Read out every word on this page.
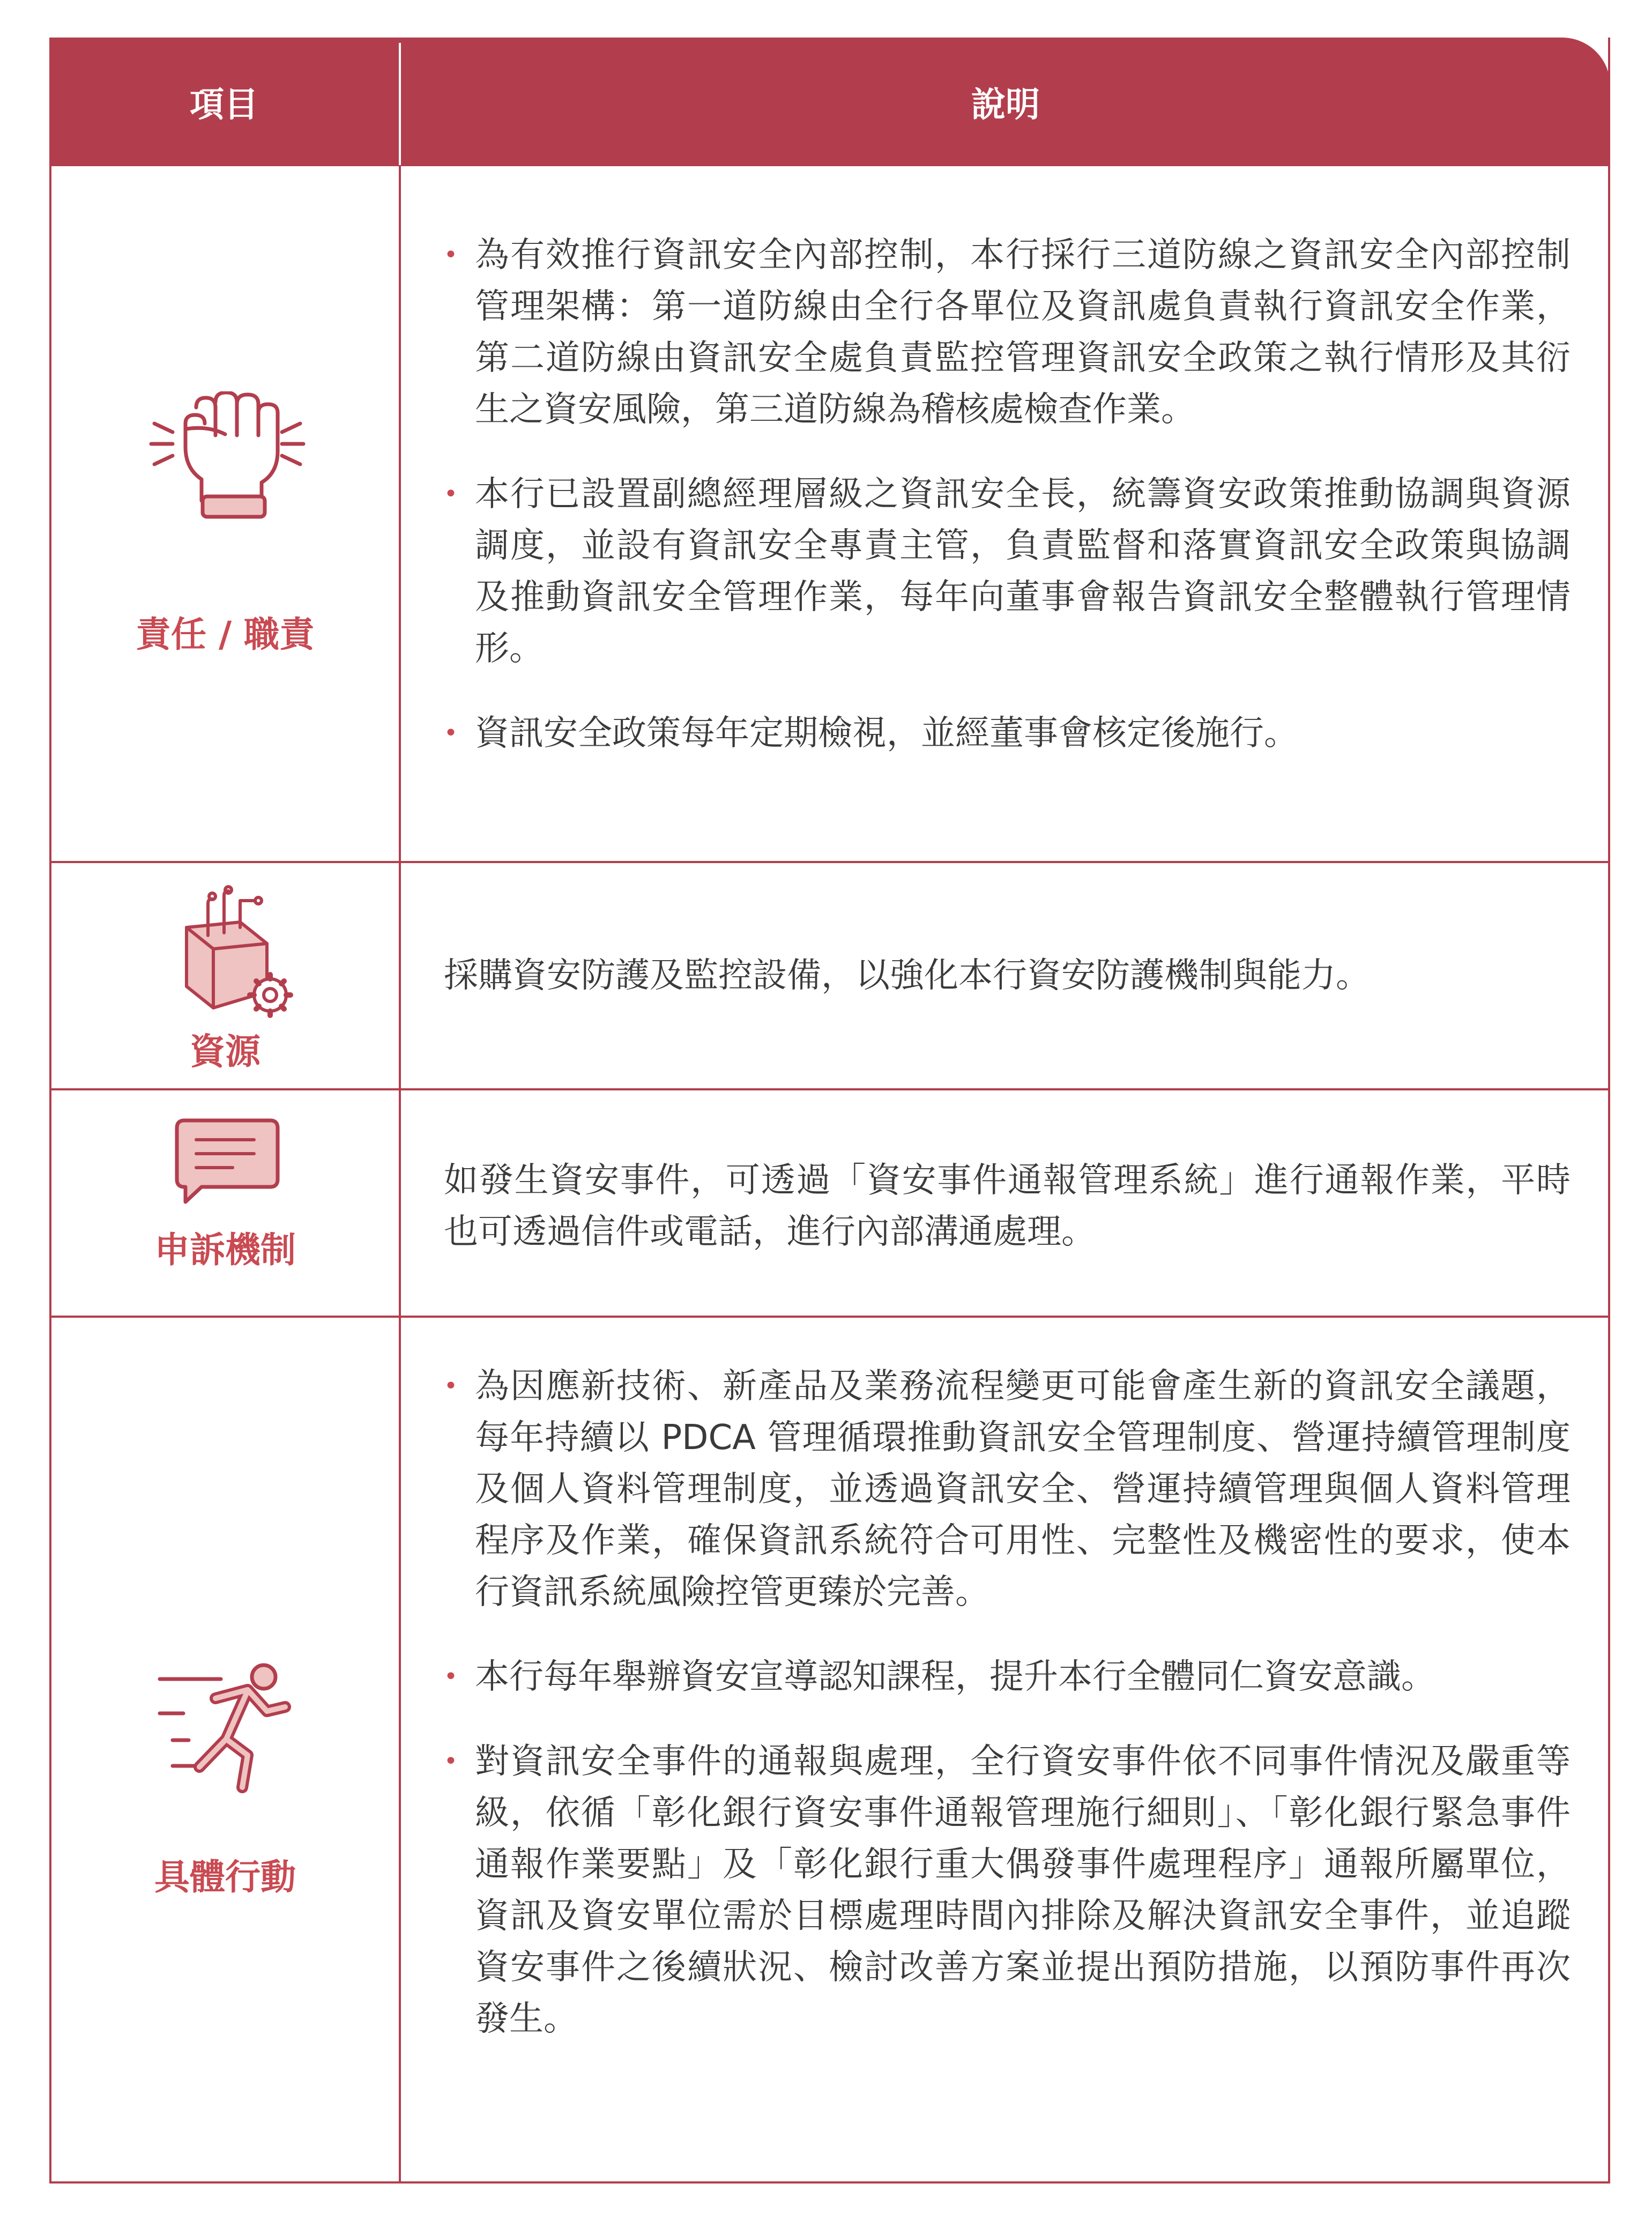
項目	說明
責任 / 職責
• 為有效推行資訊安全內部控制，本行採行三道防線之資訊安全內部控制管理架構：第一道防線由全行各單位及資訊處負責執行資訊安全作業，第二道防線由資訊安全處負責監控管理資訊安全政策之執行情形及其衍生之資安風險，第三道防線為稽核處檢查作業。
• 本行已設置副總經理層級之資訊安全長，統籌資安政策推動協調與資源調度，並設有資訊安全專責主管，負責監督和落實資訊安全政策與協調及推動資訊安全管理作業，每年向董事會報告資訊安全整體執行管理情形。
• 資訊安全政策每年定期檢視，並經董事會核定後施行。
資源

採購資安防護及監控設備，以強化本行資安防護機制與能力。

申訴機制

如發生資安事件，可透過「資安事件通報管理系統」進行通報作業，平時也可透過信件或電話，進行內部溝通處理。

具體行動
• 為因應新技術、新產品及業務流程變更可能會產生新的資訊安全議題，每年持續以 PDCA 管理循環推動資訊安全管理制度、營運持續管理制度及個人資料管理制度，並透過資訊安全、營運持續管理與個人資料管理程序及作業，確保資訊系統符合可用性、完整性及機密性的要求，使本行資訊系統風險控管更臻於完善。
• 本行每年舉辦資安宣導認知課程，提升本行全體同仁資安意識。
• 對資訊安全事件的通報與處理，全行資安事件依不同事件情況及嚴重等級，依循「彰化銀行資安事件通報管理施行細則」、「彰化銀行緊急事件通報作業要點」及「彰化銀行重大偶發事件處理程序」通報所屬單位，資訊及資安單位需於目標處理時間內排除及解決資訊安全事件，並追蹤資安事件之後續狀況、檢討改善方案並提出預防措施，以預防事件再次發生。
